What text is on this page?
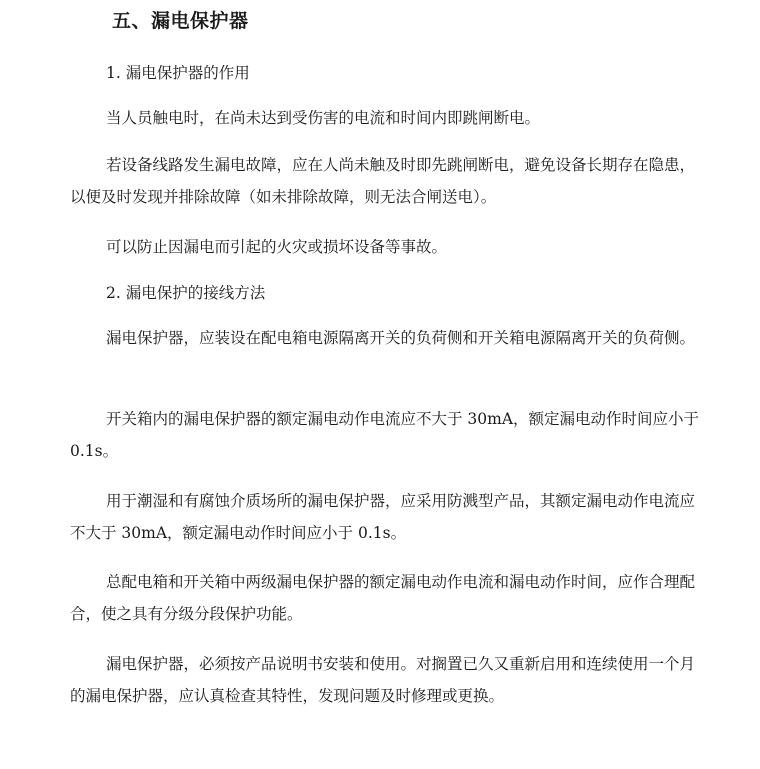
五、漏电保护器
1. 漏电保护器的作用
当人员触电时，在尚未达到受伤害的电流和时间内即跳闸断电。
若设备线路发生漏电故障，应在人尚未触及时即先跳闸断电，避免设备长期存在隐患，以便及时发现并排除故障（如未排除故障，则无法合闸送电）。
可以防止因漏电而引起的火灾或损坏设备等事故。
2. 漏电保护的接线方法
漏电保护器，应装设在配电箱电源隔离开关的负荷侧和开关箱电源隔离开关的负荷侧。
开关箱内的漏电保护器的额定漏电动作电流应不大于 30mA，额定漏电动作时间应小于 0.1s。
用于潮湿和有腐蚀介质场所的漏电保护器，应采用防溅型产品，其额定漏电动作电流应不大于 30mA，额定漏电动作时间应小于 0.1s。
总配电箱和开关箱中两级漏电保护器的额定漏电动作电流和漏电动作时间，应作合理配合，使之具有分级分段保护功能。
漏电保护器，必须按产品说明书安装和使用。对搁置已久又重新启用和连续使用一个月的漏电保护器，应认真检查其特性，发现问题及时修理或更换。
